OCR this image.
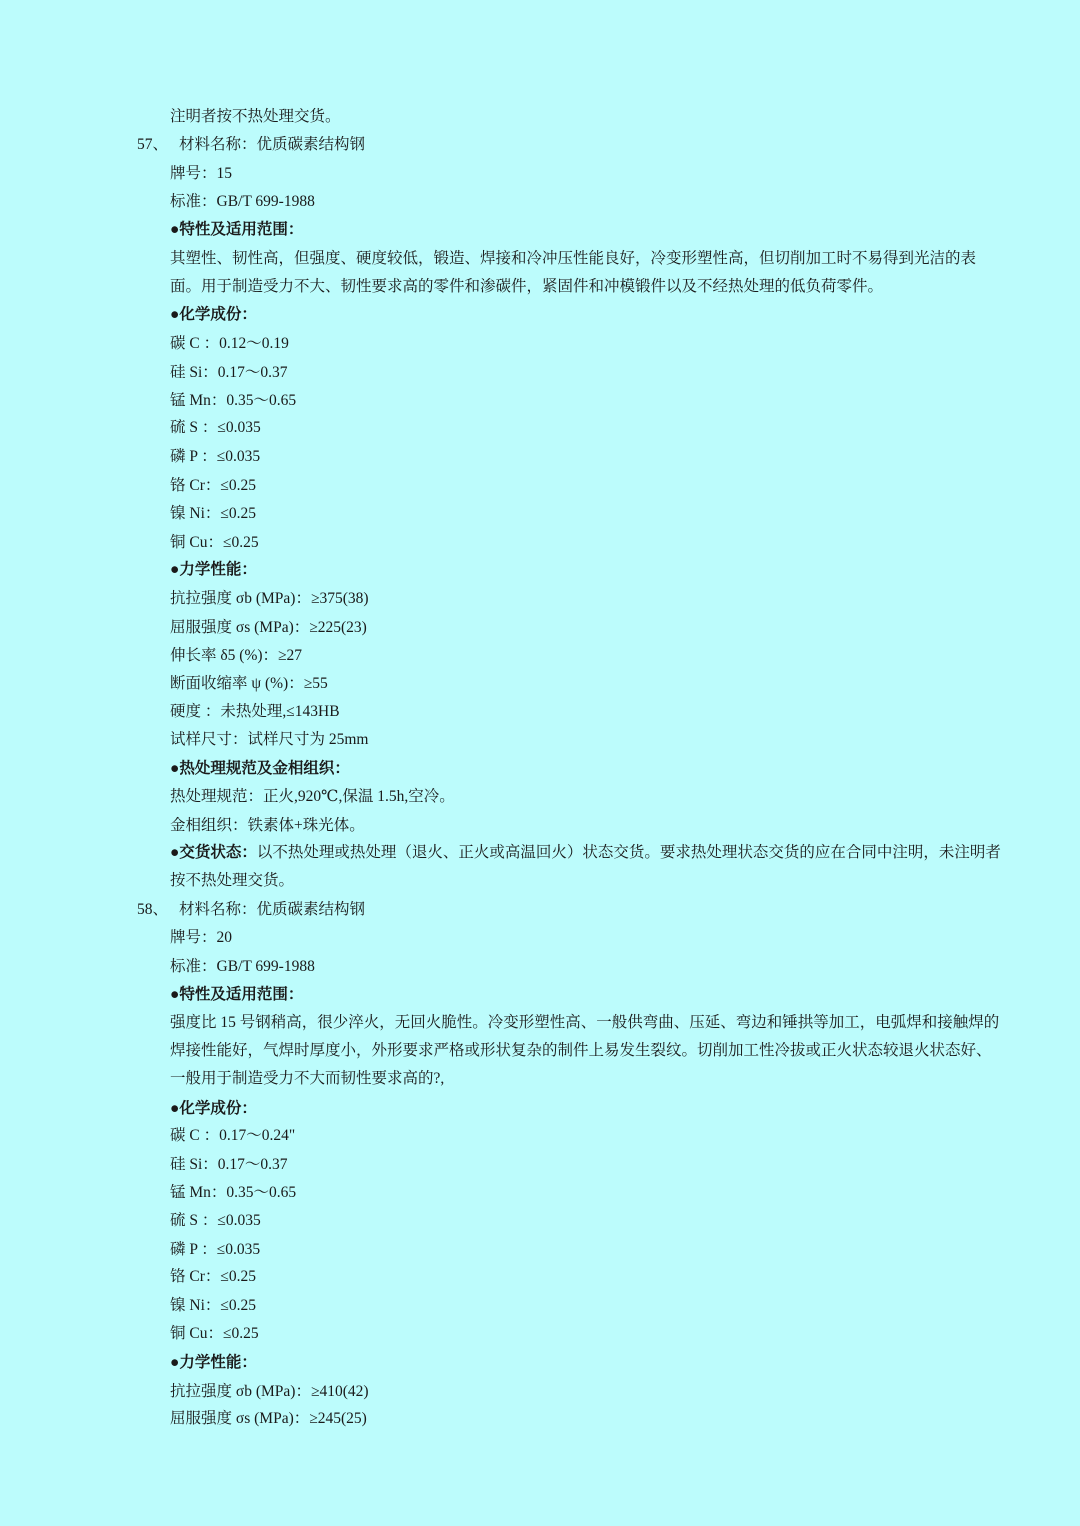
注明者按不热处理交货。
57、 材料名称：优质碳素结构钢
牌号：15
标准：GB/T 699-1988
●特性及适用范围：
其塑性、韧性高，但强度、硬度较低，锻造、焊接和冷冲压性能良好，冷变形塑性高，但切削加工时不易得到光洁的表面。用于制造受力不大、韧性要求高的零件和渗碳件，紧固件和冲模锻件以及不经热处理的低负荷零件。
●化学成份：
碳 C ：0.12～0.19
硅 Si：0.17～0.37
锰 Mn：0.35～0.65
硫 S ：≤0.035
磷 P ：≤0.035
铬 Cr：≤0.25
镍 Ni：≤0.25
铜 Cu：≤0.25
●力学性能：
抗拉强度 σb (MPa)：≥375(38)
屈服强度 σs (MPa)：≥225(23)
伸长率 δ5 (%)：≥27
断面收缩率 ψ (%)：≥55
硬度 ：未热处理,≤143HB
试样尺寸：试样尺寸为 25mm
●热处理规范及金相组织：
热处理规范：正火,920℃,保温 1.5h,空冷。
金相组织：铁素体+珠光体。
●交货状态：以不热处理或热处理（退火、正火或高温回火）状态交货。要求热处理状态交货的应在合同中注明，未注明者按不热处理交货。
58、 材料名称：优质碳素结构钢
牌号：20
标准：GB/T 699-1988
●特性及适用范围：
强度比 15 号钢稍高，很少淬火，无回火脆性。冷变形塑性高、一般供弯曲、压延、弯边和锤拱等加工，电弧焊和接触焊的焊接性能好，气焊时厚度小，外形要求严格或形状复杂的制件上易发生裂纹。切削加工性冷拔或正火状态较退火状态好、一般用于制造受力不大而韧性要求高的?,
●化学成份：
碳 C ：0.17～0.24"
硅 Si：0.17～0.37
锰 Mn：0.35～0.65
硫 S ：≤0.035
磷 P ：≤0.035
铬 Cr：≤0.25
镍 Ni：≤0.25
铜 Cu：≤0.25
●力学性能：
抗拉强度 σb (MPa)：≥410(42)
屈服强度 σs (MPa)：≥245(25)
